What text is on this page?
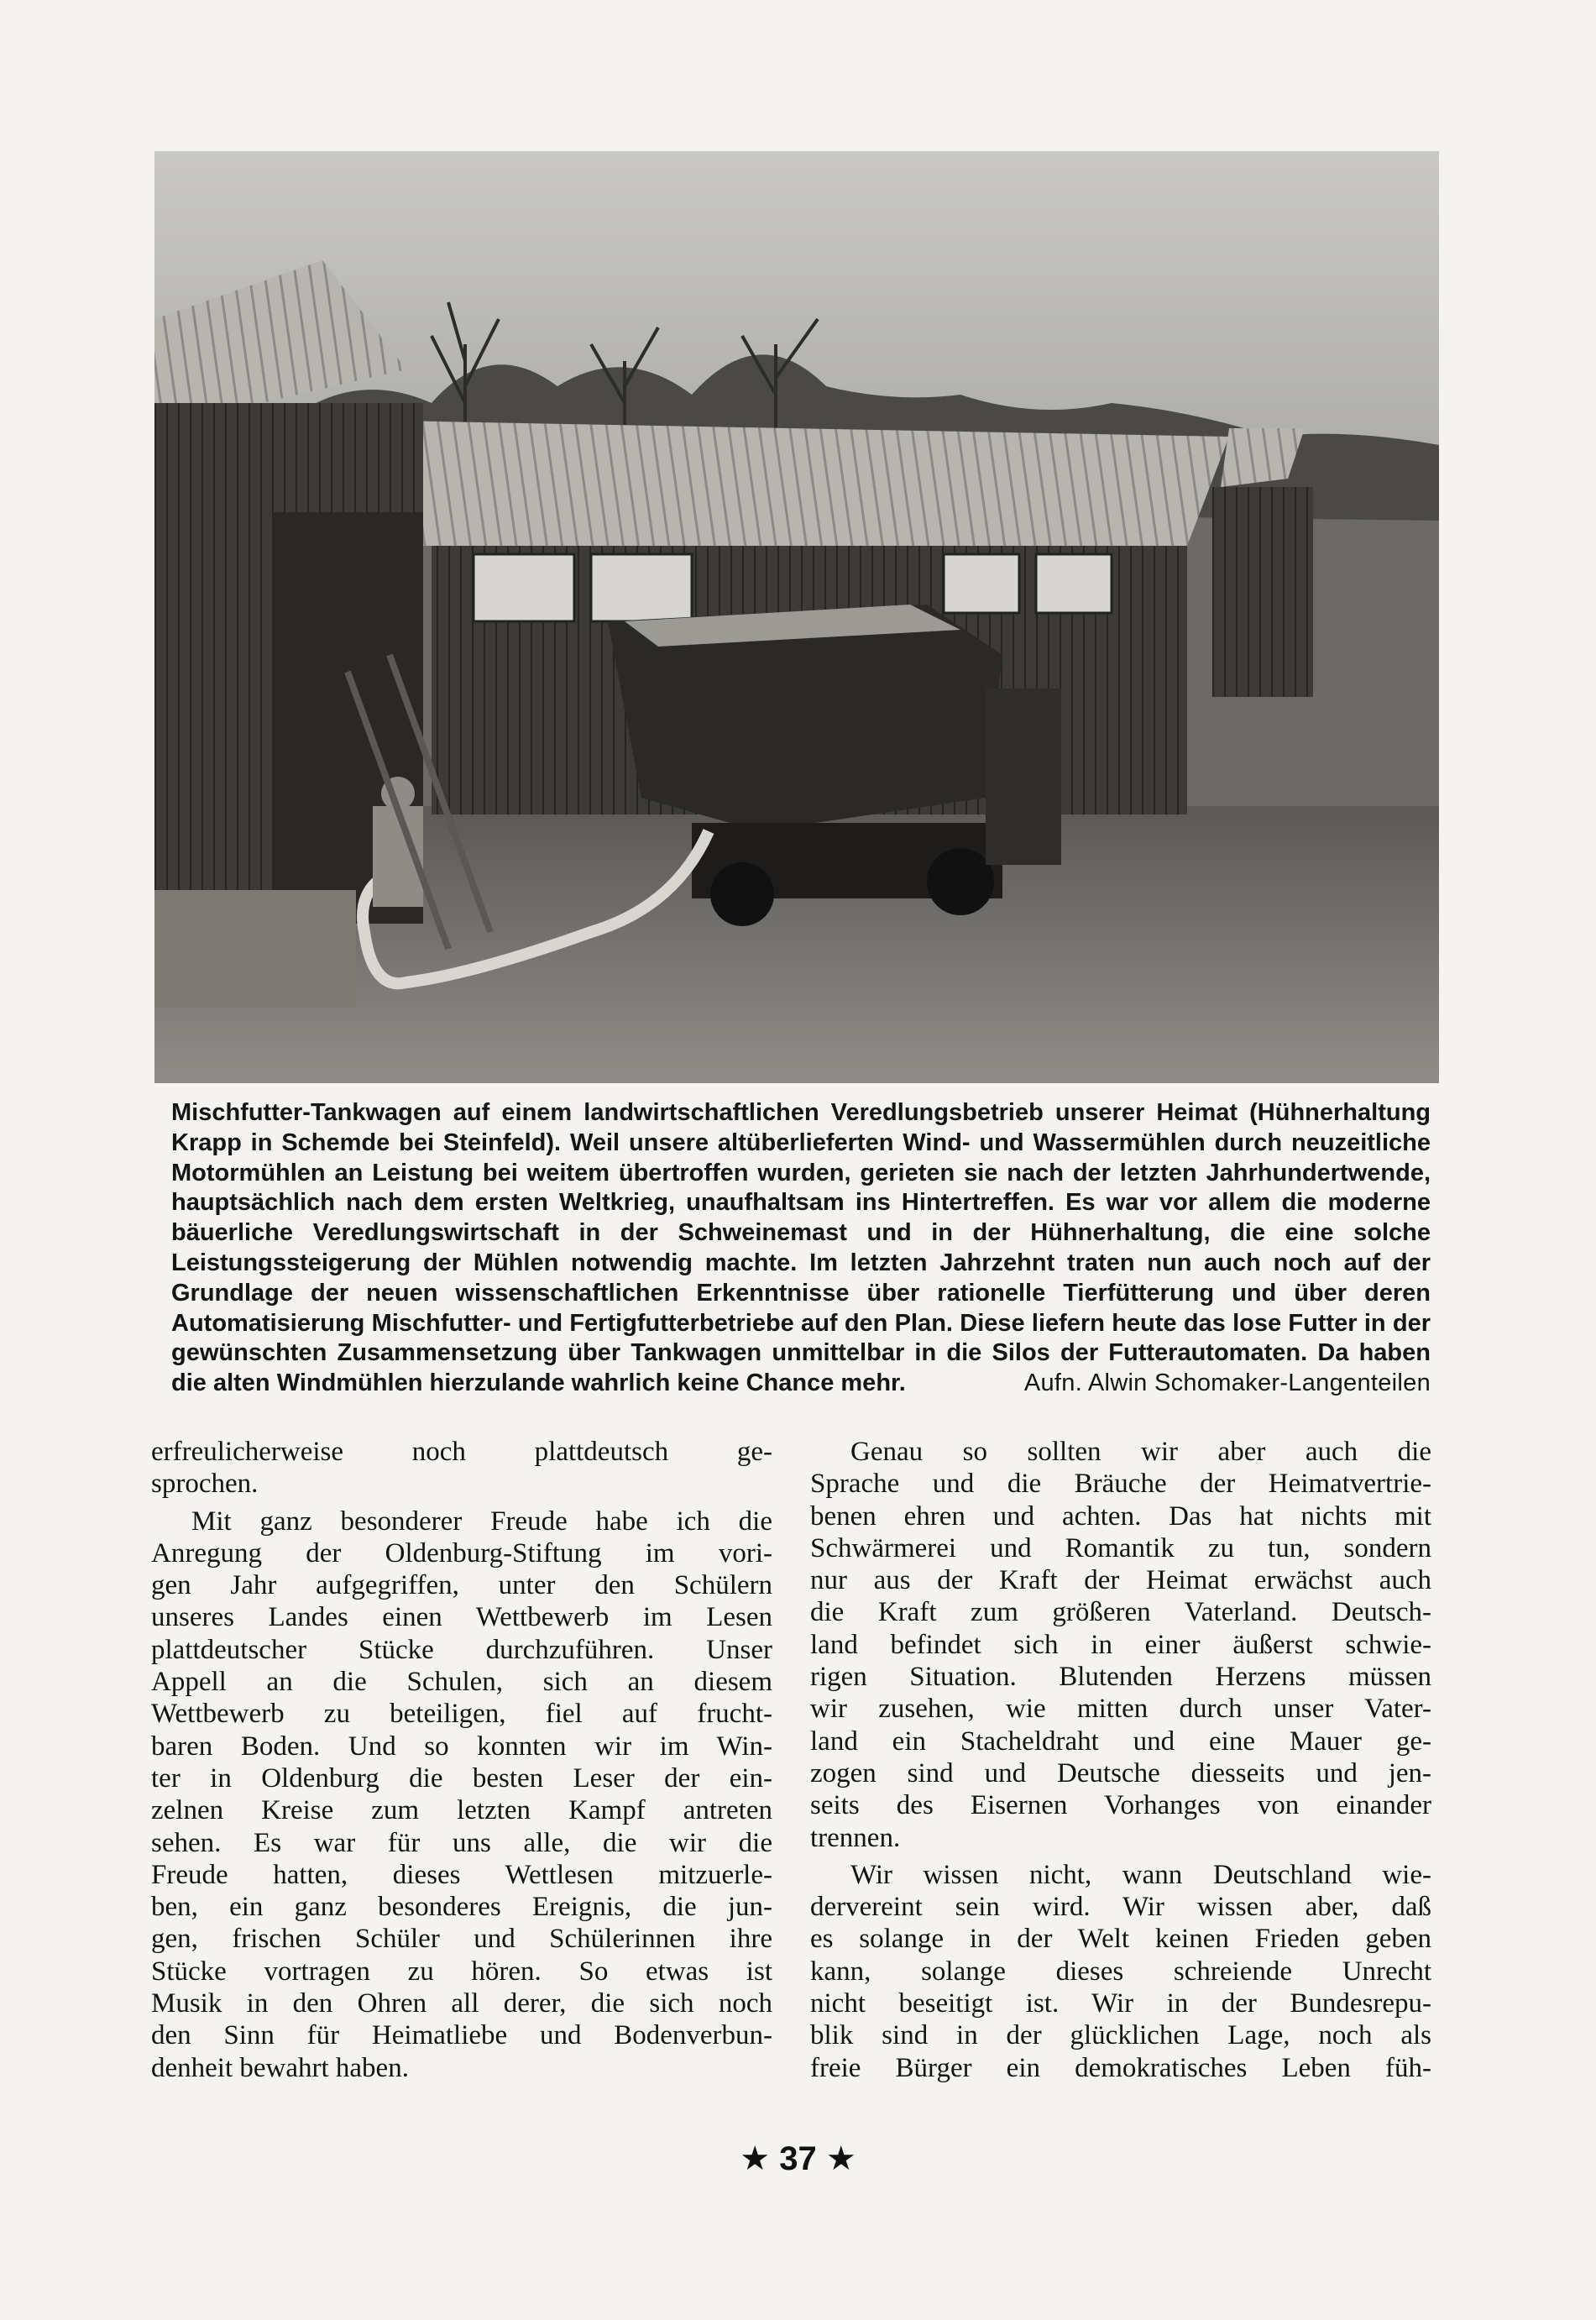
Mischfutter-Tankwagen auf einem landwirtschaftlichen Veredlungsbetrieb unserer Heimat (Hühnerhaltung Krapp in Schemde bei Steinfeld). Weil unsere altüberlieferten Wind- und Wassermühlen durch neuzeitliche Motormühlen an Leistung bei weitem übertroffen wurden, gerieten sie nach der letzten Jahrhundertwende, hauptsächlich nach dem ersten Weltkrieg, unaufhaltsam ins Hintertreffen. Es war vor allem die moderne bäuerliche Veredlungswirtschaft in der Schweinemast und in der Hühnerhaltung, die eine solche Leistungssteigerung der Mühlen notwendig machte. Im letzten Jahrzehnt traten nun auch noch auf der Grundlage der neuen wissenschaftlichen Erkenntnisse über rationelle Tierfütterung und über deren Automatisierung Mischfutter- und Fertigfutterbetriebe auf den Plan. Diese liefern heute das lose Futter in der gewünschten Zusammensetzung über Tankwagen unmittelbar in die Silos der Futterautomaten. Da haben die alten Windmühlen hierzulande wahrlich keine Chance mehr.	Aufn. Alwin Schomaker-Langenteilen

erfreulicherweise noch plattdeutsch ge-
sprochen.

Mit ganz besonderer Freude habe ich die

Anregung der Oldenburg-Stiftung im vori-
gen Jahr aufgegriffen, unter den Schülern
unseres Landes einen Wettbewerb im Lesen
plattdeutscher Stücke durchzuführen. Unser
Appell an die Schulen, sich an diesem
Wettbewerb zu beteiligen, fiel auf frucht-
baren Boden. Und so konnten wir im Win-
ter in Oldenburg die besten Leser der ein-
zelnen Kreise zum letzten Kampf antreten
sehen. Es war für uns alle, die wir die
Freude hatten, dieses Wettlesen mitzuerle-
ben, ein ganz besonderes Ereignis, die jun-
gen, frischen Schüler und Schülerinnen ihre
Stücke vortragen zu hören. So etwas ist
Musik in den Ohren all derer, die sich noch
den Sinn für Heimatliebe und Bodenverbun-
denheit bewahrt haben.

Genau so sollten wir aber auch die

Sprache und die Bräuche der Heimatvertrie-
benen ehren und achten. Das hat nichts mit
Schwärmerei und Romantik zu tun, sondern
nur aus der Kraft der Heimat erwächst auch
die Kraft zum größeren Vaterland. Deutsch-
land befindet sich in einer äußerst schwie-
rigen Situation. Blutenden Herzens müssen
wir zusehen, wie mitten durch unser Vater-
land ein Stacheldraht und eine Mauer ge-
zogen sind und Deutsche diesseits und jen-
seits des Eisernen Vorhanges von einander
trennen.

Wir wissen nicht, wann Deutschland wie-

dervereint sein wird. Wir wissen aber, daß
es solange in der Welt keinen Frieden geben
kann, solange dieses schreiende Unrecht
nicht beseitigt ist. Wir in der Bundesrepu-
blik sind in der glücklichen Lage, noch als
freie Bürger ein demokratisches Leben füh-

★ 37 ★
